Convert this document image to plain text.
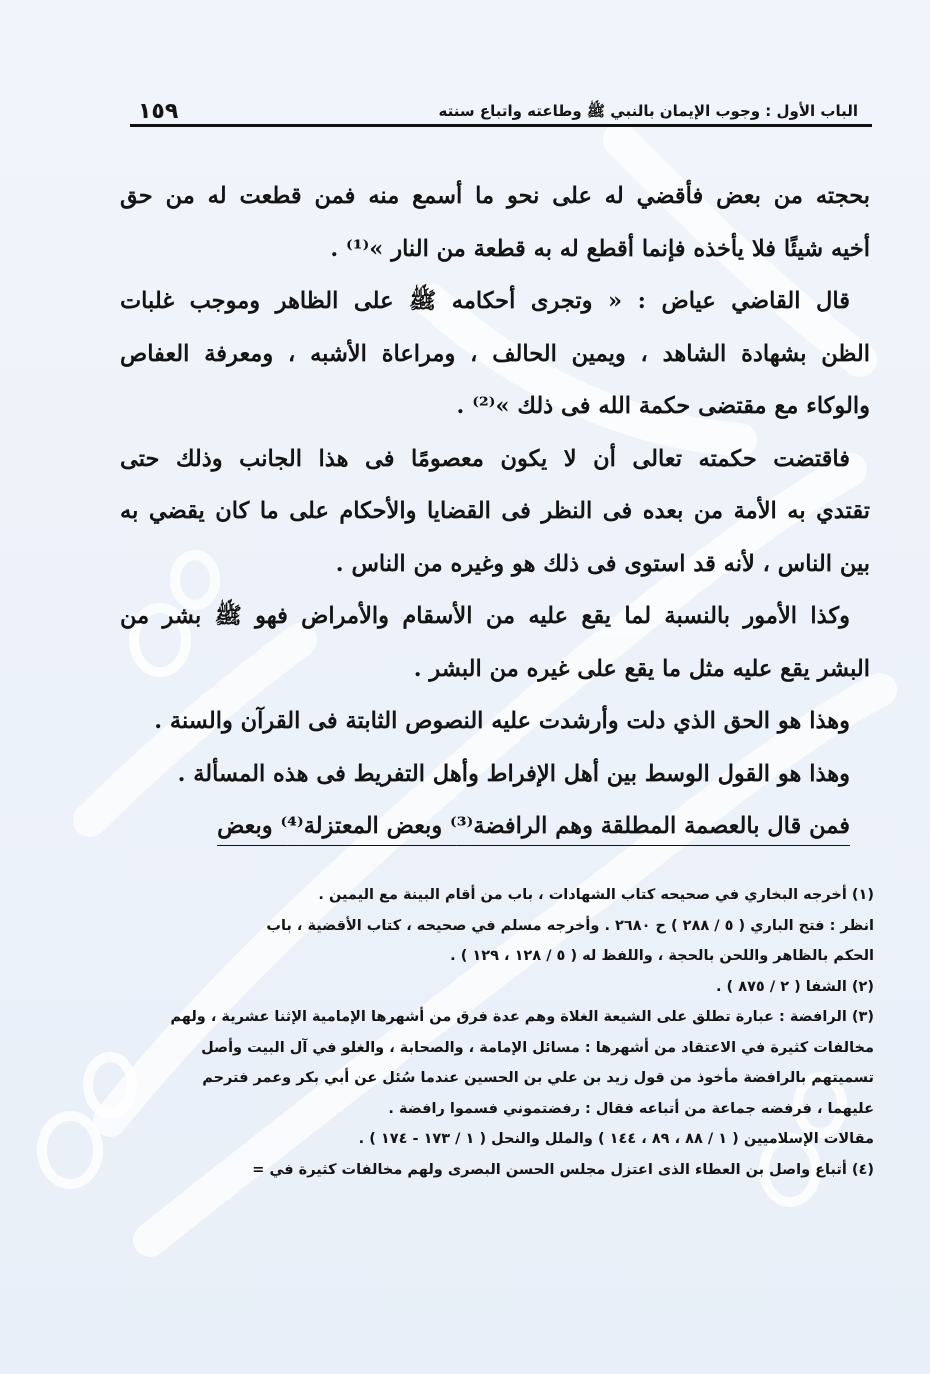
الباب الأول : وجوب الإيمان بالنبي ﷺ وطاعته واتباع سنته
١٥٩

بحجته من بعض فأقضي له على نحو ما أسمع منه فمن قطعت له من حق

أخيه شيئًا فلا يأخذه فإنما أقطع له به قطعة من النار »⁽¹⁾ .

قال القاضي عياض : « وتجرى أحكامه ﷺ على الظاهر وموجب غلبات

الظن بشهادة الشاهد ، ويمين الحالف ، ومراعاة الأشبه ، ومعرفة العفاص

والوكاء مع مقتضى حكمة الله فى ذلك »⁽²⁾ .

فاقتضت حكمته تعالى أن لا يكون معصومًا فى هذا الجانب وذلك حتى

تقتدي به الأمة من بعده فى النظر فى القضايا والأحكام على ما كان يقضي به

بين الناس ، لأنه قد استوى فى ذلك هو وغيره من الناس .

وكذا الأمور بالنسبة لما يقع عليه من الأسقام والأمراض فهو ﷺ بشر من

البشر يقع عليه مثل ما يقع على غيره من البشر .

وهذا هو الحق الذي دلت وأرشدت عليه النصوص الثابتة فى القرآن والسنة .

وهذا هو القول الوسط بين أهل الإفراط وأهل التفريط فى هذه المسألة .

فمن قال بالعصمة المطلقة وهم الرافضة⁽³⁾ وبعض المعتزلة⁽⁴⁾ وبعض

(١) أخرجه البخاري في صحيحه كتاب الشهادات ، باب من أقام البينة مع اليمين .

انظر : فتح الباري ( ٥ / ٢٨٨ ) ح ٢٦٨٠ . وأخرجه مسلم في صحيحه ، كتاب الأقضية ، باب

الحكم بالظاهر واللحن بالحجة ، واللفظ له ( ٥ / ١٢٨ ، ١٢٩ ) .

(٢) الشفا ( ٢ / ٨٧٥ ) .

(٣) الرافضة : عبارة تطلق على الشيعة الغلاة وهم عدة فرق من أشهرها الإمامية الإثنا عشرية ، ولهم

مخالفات كثيرة في الاعتقاد من أشهرها : مسائل الإمامة ، والصحابة ، والغلو في آل البيت وأصل

تسميتهم بالرافضة مأخوذ من قول زيد بن علي بن الحسين عندما سُئل عن أبي بكر وعمر فترحم

عليهما ، فرفضه جماعة من أتباعه فقال : رفضتموني فسموا رافضة .

مقالات الإسلاميين ( ١ / ٨٨ ، ٨٩ ، ١٤٤ ) والملل والنحل ( ١ / ١٧٣ - ١٧٤ ) .

(٤) أتباع واصل بن العطاء الذى اعتزل مجلس الحسن البصرى ولهم مخالفات كثيرة في =
